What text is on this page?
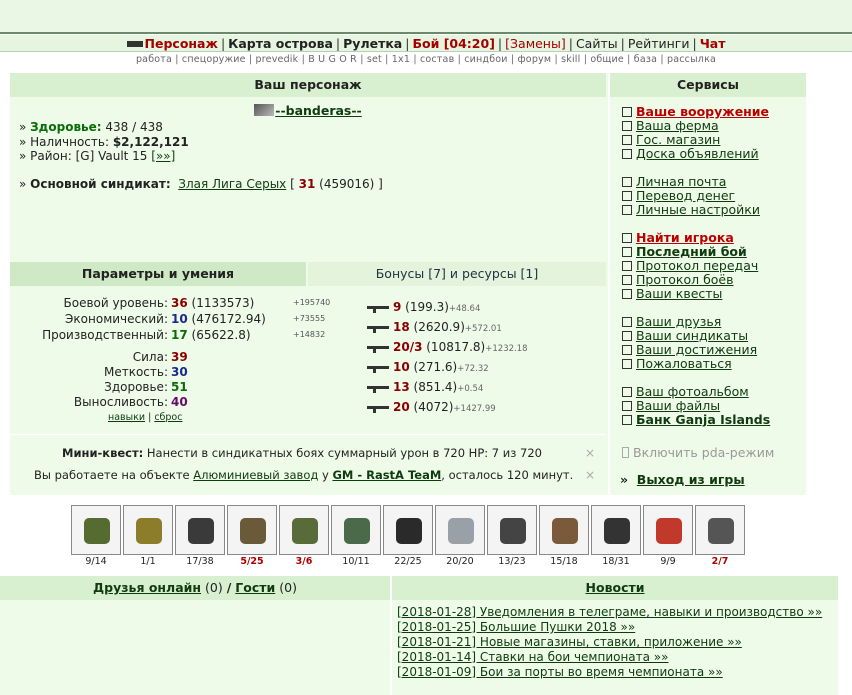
Персонаж | Карта острова | Рулетка | Бой [04:20] | [Замены] | Сайты | Рейтинги | Чат
работа | спецоружие | prevedik | B U G O R | set | 1x1 | состав | синдбои | форум | skill | общие | база | рассылка
Ваш персонаж
--banderas--
» Здоровье: 438 / 438
» Наличность: $2,122,121
» Район: [G] Vault 15 [»»]
» Основной синдикат: Злая Лига Серых [ 31 (459016) ]
Параметры и умения	Бонусы [7] и ресурсы [1]
Боевой уровень: 36 (1133573)	+195740
Экономический: 10 (476172.94)	+73555
Производственный: 17 (65622.8)	+14832
Сила: 39
Меткость: 30
Здоровье: 51
Выносливость: 40
навыки | сброс
9 (199.3)+48.64
18 (2620.9)+572.01
20/3 (10817.8)+1232.18
10 (271.6)+72.32
13 (851.4)+0.54
20 (4072)+1427.99
Мини-квест: Нанести в синдикатных боях суммарный урон в 720 HP: 7 из 720	×
Вы работаете на объекте Алюминиевый завод у GM - RastA TeaM, осталось 120 минут. ×
Сервисы
Ваше вооружение
Ваша ферма
Гос. магазин
Доска объявлений
Личная почта
Перевод денег
Личные настройки
Найти игрока
Последний бой
Протокол передач
Протокол боёв
Ваши квесты
Ваши друзья
Ваши синдикаты
Ваши достижения
Пожаловаться
Ваш фотоальбом
Ваши файлы
Банк Ganja Islands
Включить pda-режим
» Выход из игры
9/14	1/1	17/38	5/25	3/6	10/11	22/25	20/20	13/23	15/18	18/31	9/9	2/7
Друзья онлайн (0) / Гости (0)	Новости
[2018-01-28] Уведомления в телеграме, навыки и производство »»
[2018-01-25] Большие Пушки 2018 »»
[2018-01-21] Новые магазины, ставки, приложение »»
[2018-01-14] Ставки на бои чемпионата »»
[2018-01-09] Бои за порты во время чемпионата »»
